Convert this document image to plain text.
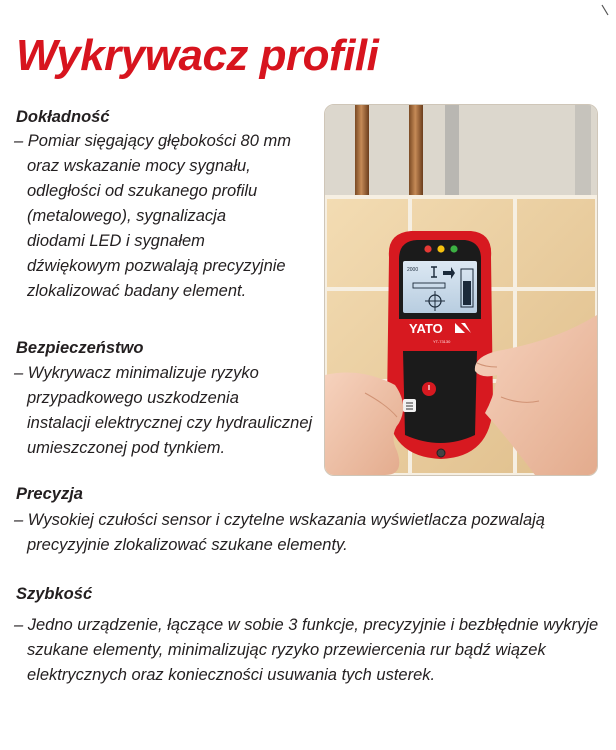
Wykrywacz profili
Dokładność
– Pomiar sięgający głębokości 80 mm
oraz wskazanie mocy sygnału,
odległości od szukanego profilu
(metalowego), sygnalizacja
diodami LED i sygnałem
dźwiękowym pozwalają precyzyjnie
zlokalizować badany element.
Bezpieczeństwo
– Wykrywacz minimalizuje ryzyko
przypadkowego uszkodzenia
instalacji elektrycznej czy hydraulicznej
umieszczonej pod tynkiem.
Precyzja
– Wysokiej czułości sensor i czytelne wskazania wyświetlacza pozwalają
precyzyjnie zlokalizować szukane elementy.
Szybkość
– Jedno urządzenie, łączące w sobie 3 funkcje, precyzyjnie i bezbłędnie wykryje
szukane elementy, minimalizując ryzyko przewiercenia rur bądź wiązek
elektrycznych oraz konieczności usuwania tych usterek.
2000
YATO
YT-73130
